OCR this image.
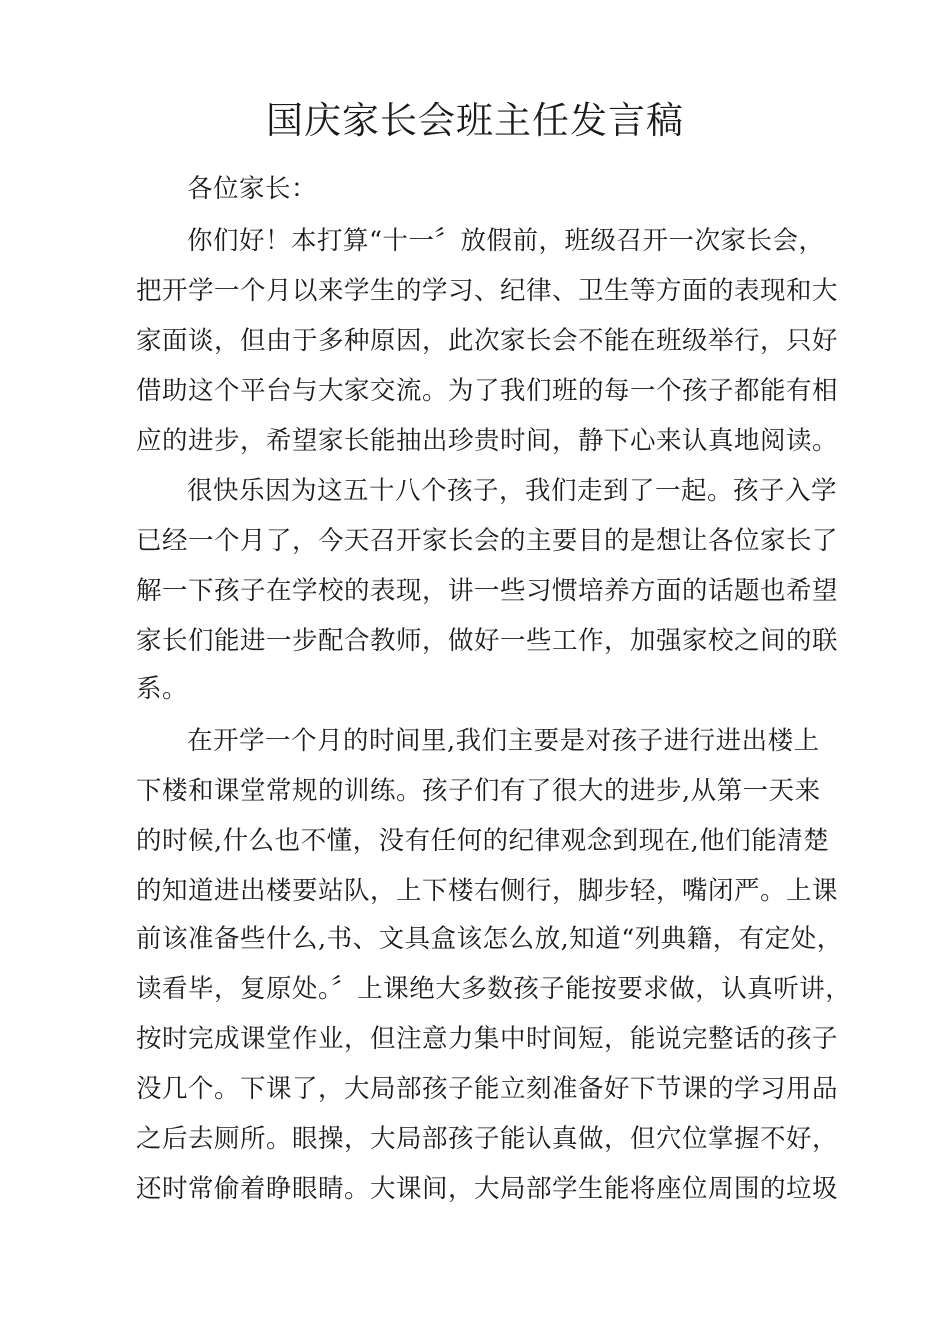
国庆家长会班主任发言稿
各位家长：
你们好！本打算“十一〞放假前，班级召开一次家长会，
把开学一个月以来学生的学习、纪律、卫生等方面的表现和大
家面谈，但由于多种原因，此次家长会不能在班级举行，只好
借助这个平台与大家交流。为了我们班的每一个孩子都能有相
应的进步，希望家长能抽出珍贵时间，静下心来认真地阅读。
很快乐因为这五十八个孩子，我们走到了一起。孩子入学
已经一个月了，今天召开家长会的主要目的是想让各位家长了
解一下孩子在学校的表现，讲一些习惯培养方面的话题也希望
家长们能进一步配合教师，做好一些工作，加强家校之间的联
系。
在开学一个月的时间里,我们主要是对孩子进行进出楼上
下楼和课堂常规的训练。孩子们有了很大的进步,从第一天来
的时候,什么也不懂，没有任何的纪律观念到现在,他们能清楚
的知道进出楼要站队，上下楼右侧行，脚步轻，嘴闭严。上课
前该准备些什么,书、文具盒该怎么放,知道“列典籍，有定处，
读看毕，复原处。〞上课绝大多数孩子能按要求做，认真听讲，
按时完成课堂作业，但注意力集中时间短，能说完整话的孩子
没几个。下课了，大局部孩子能立刻准备好下节课的学习用品
之后去厕所。眼操，大局部孩子能认真做，但穴位掌握不好，
还时常偷着睁眼睛。大课间，大局部学生能将座位周围的垃圾
